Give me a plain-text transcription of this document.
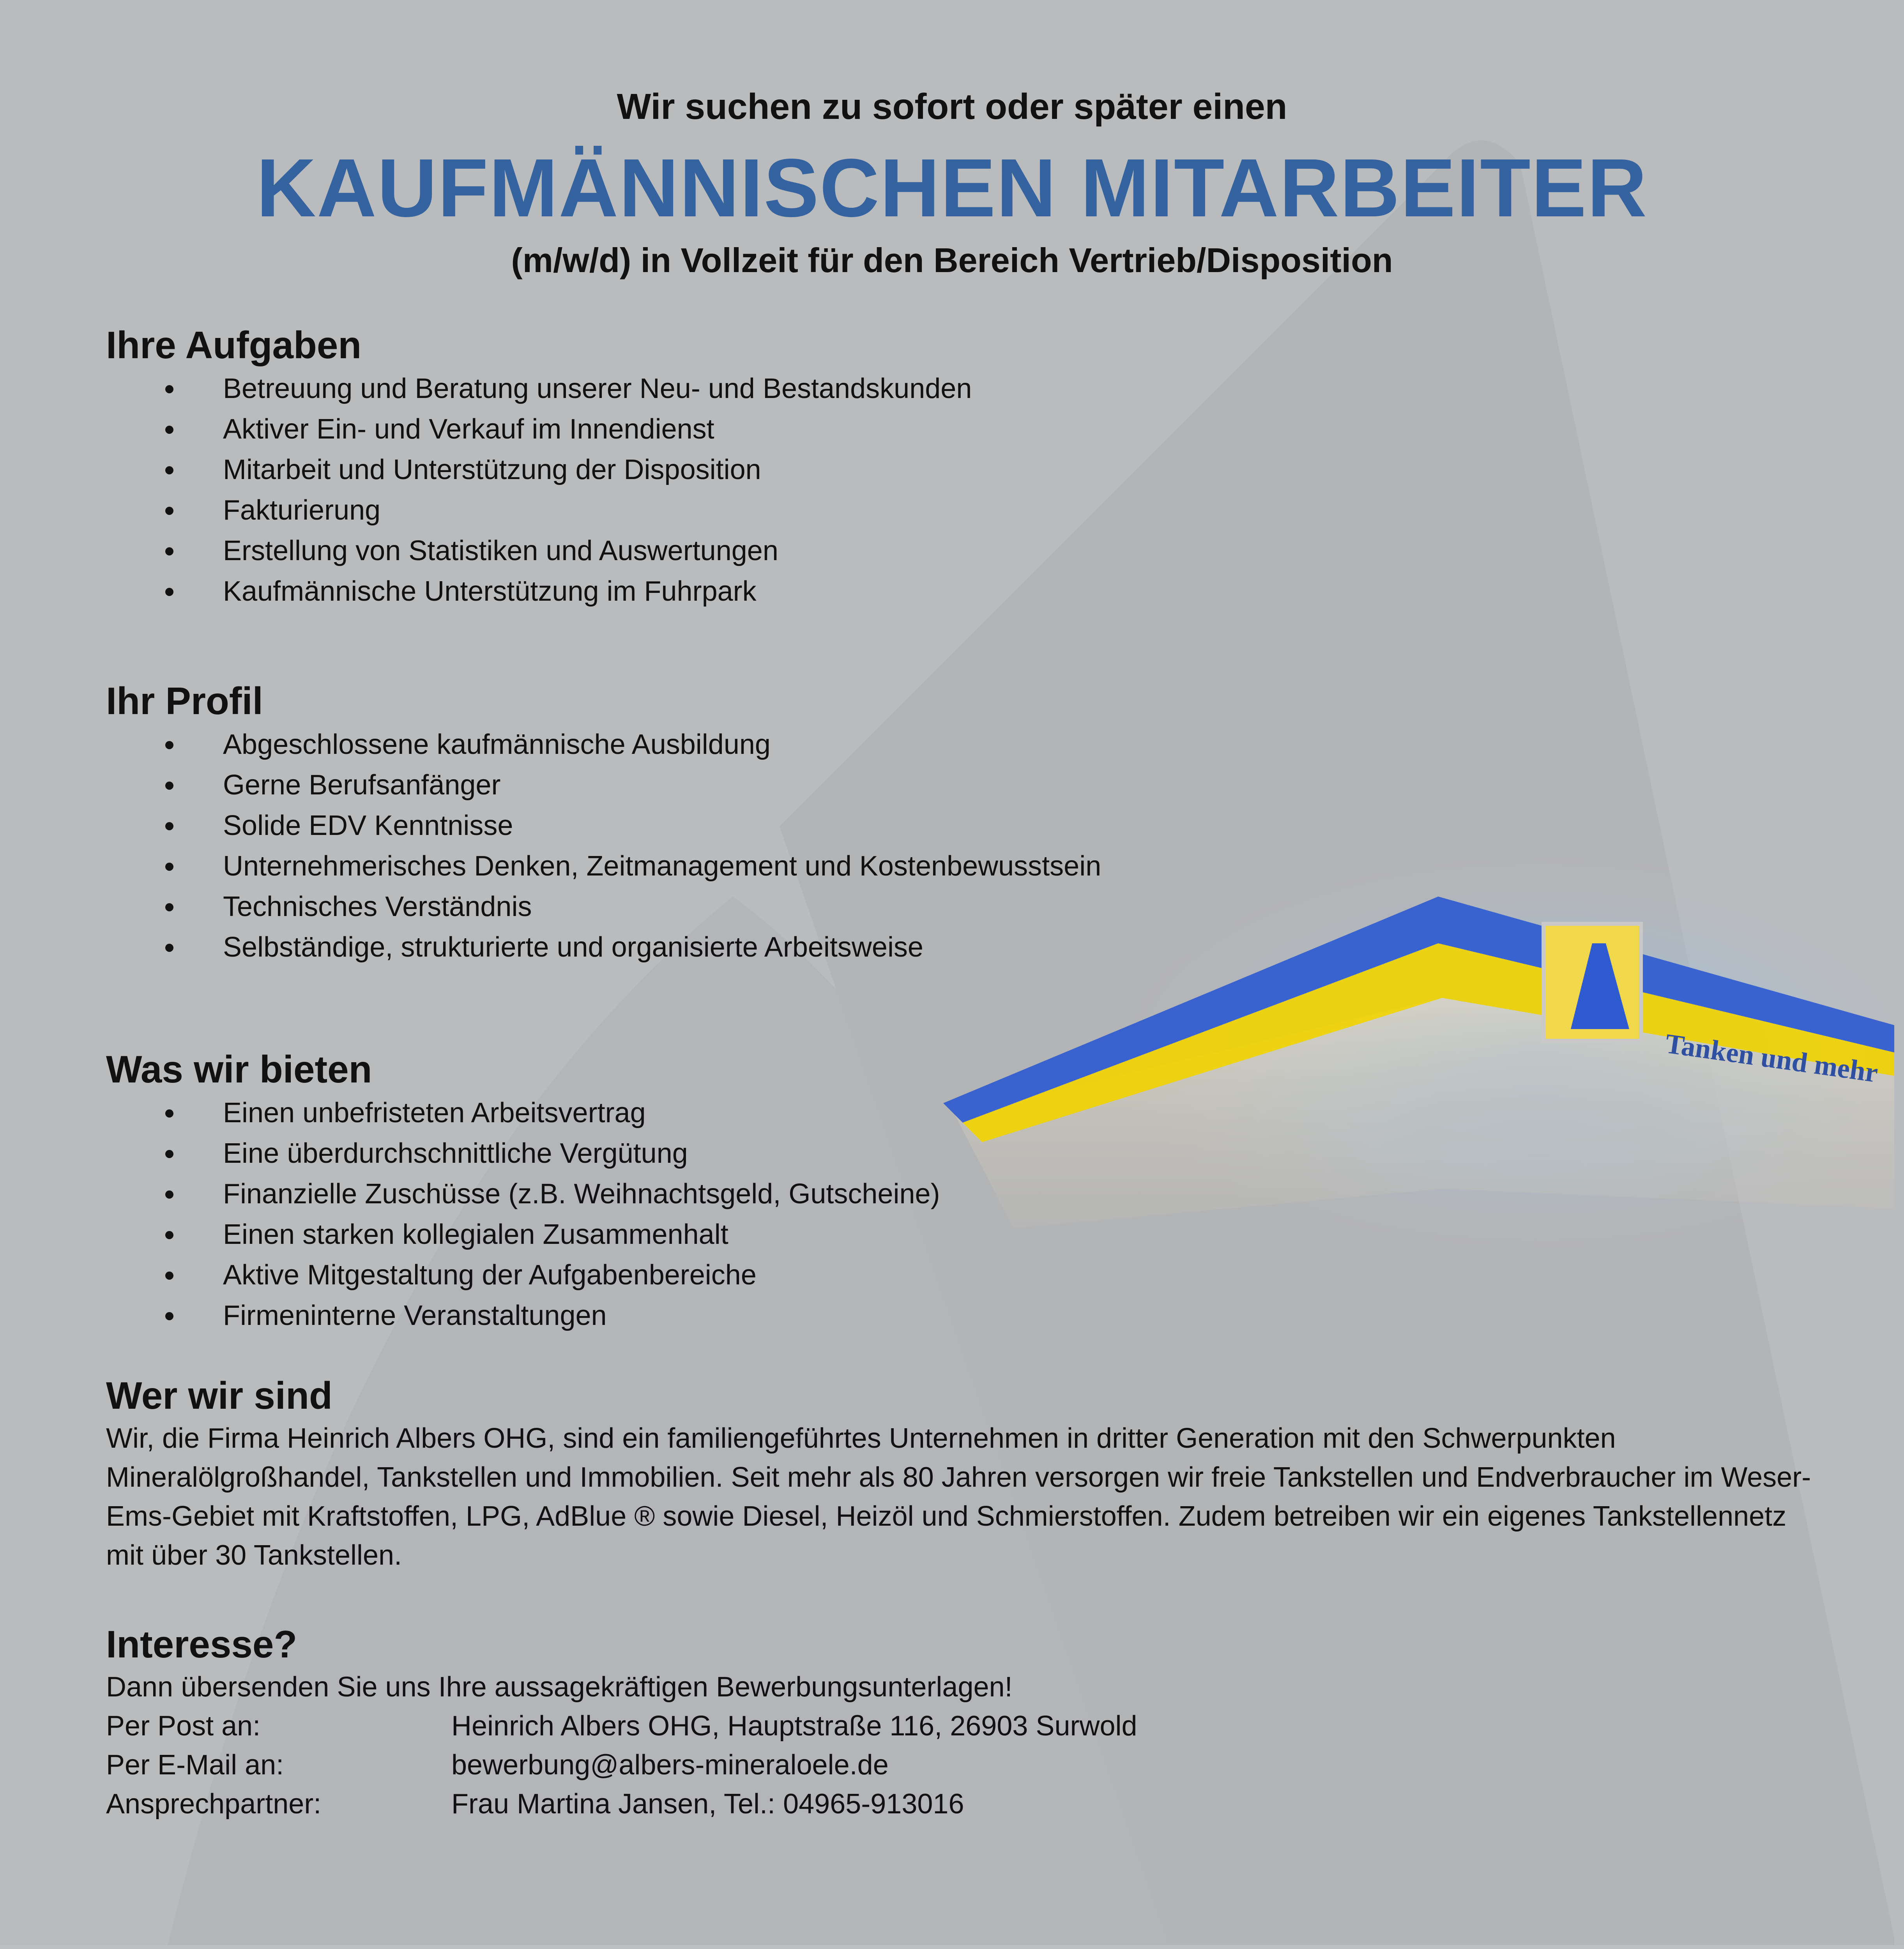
Tanken und mehr
Wir suchen zu sofort oder später einen
KAUFMÄNNISCHEN MITARBEITER
(m/w/d) in Vollzeit für den Bereich Vertrieb/Disposition
Ihre Aufgaben
Betreuung und Beratung unserer Neu- und Bestandskunden
Aktiver Ein- und Verkauf im Innendienst
Mitarbeit und Unterstützung der Disposition
Fakturierung
Erstellung von Statistiken und Auswertungen
Kaufmännische Unterstützung im Fuhrpark
Ihr Profil
Abgeschlossene kaufmännische Ausbildung
Gerne Berufsanfänger
Solide EDV Kenntnisse
Unternehmerisches Denken, Zeitmanagement und Kostenbewusstsein
Technisches Verständnis
Selbständige, strukturierte und organisierte Arbeitsweise
Was wir bieten
Einen unbefristeten Arbeitsvertrag
Eine überdurchschnittliche Vergütung
Finanzielle Zuschüsse (z.B. Weihnachtsgeld, Gutscheine)
Einen starken kollegialen Zusammenhalt
Aktive Mitgestaltung der Aufgabenbereiche
Firmeninterne Veranstaltungen
Wer wir sind

Wir, die Firma Heinrich Albers OHG, sind ein familiengeführtes Unternehmen in dritter Generation mit den Schwerpunkten Mineralölgroßhandel, Tankstellen und Immobilien. Seit mehr als 80 Jahren versorgen wir freie Tankstellen und Endverbraucher im Weser-Ems-Gebiet mit Kraftstoffen, LPG, AdBlue ® sowie Diesel, Heizöl und Schmierstoffen. Zudem betreiben wir ein eigenes Tankstellennetz mit über 30 Tankstellen.

Interesse?
Dann übersenden Sie uns Ihre aussagekräftigen Bewerbungsunterlagen!
Per Post an:	Heinrich Albers OHG, Hauptstraße 116, 26903 Surwold
Per E-Mail an:	bewerbung@albers-mineraloele.de
Ansprechpartner:	Frau Martina Jansen, Tel.: 04965-913016
